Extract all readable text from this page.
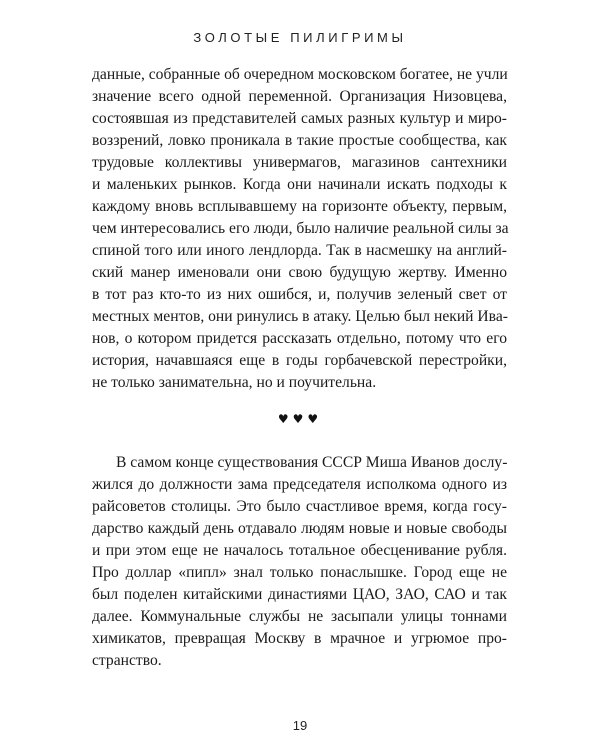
ЗОЛОТЫЕ ПИЛИГРИМЫ
данные, собранные об очередном московском богатее, не учли
значение всего одной переменной. Организация Низовцева,
состоявшая из представителей самых разных культур и миро-
воззрений, ловко проникала в такие простые сообщества, как
трудовые коллективы универмагов, магазинов сантехники
и маленьких рынков. Когда они начинали искать подходы к
каждому вновь всплывавшему на горизонте объекту, первым,
чем интересовались его люди, было наличие реальной силы за
спиной того или иного лендлорда. Так в насмешку на англий-
ский манер именовали они свою будущую жертву. Именно
в тот раз кто-то из них ошибся, и, получив зеленый свет от
местных ментов, они ринулись в атаку. Целью был некий Ива-
нов, о котором придется рассказать отдельно, потому что его
история, начавшаяся еще в годы горбачевской перестройки,
не только занимательна, но и поучительна.
♥♥♥
В самом конце существования СССР Миша Иванов дослу-
жился до должности зама председателя исполкома одного из
райсоветов столицы. Это было счастливое время, когда госу-
дарство каждый день отдавало людям новые и новые свободы
и при этом еще не началось тотальное обесценивание рубля.
Про доллар «пипл» знал только понаслышке. Город еще не
был поделен китайскими династиями ЦАО, ЗАО, САО и так
далее. Коммунальные службы не засыпали улицы тоннами
химикатов, превращая Москву в мрачное и угрюмое про-
странство.
19
